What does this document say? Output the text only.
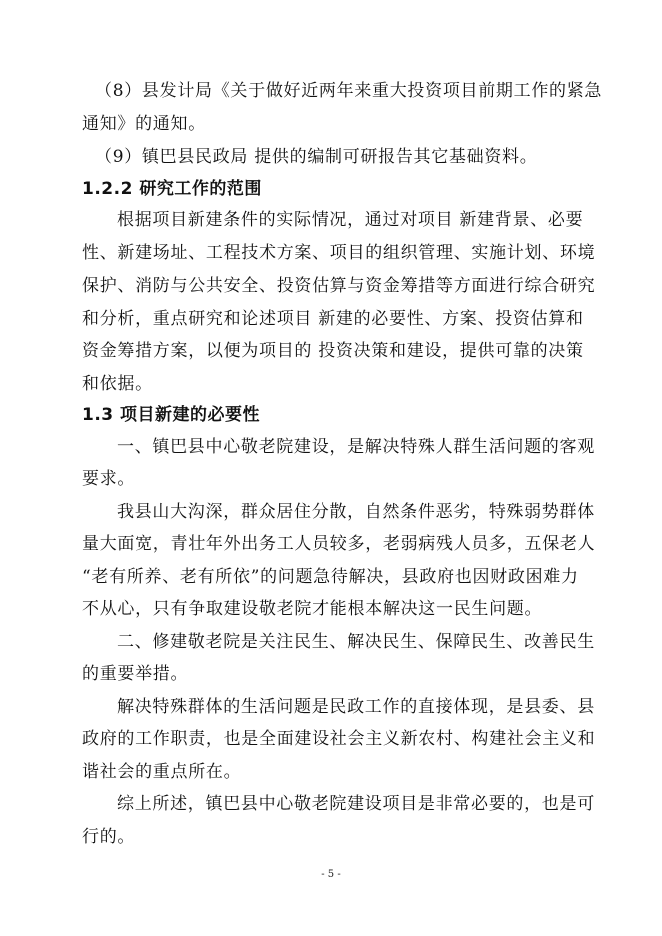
（8）县发计局《关于做好近两年来重大投资项目前期工作的紧急
通知》的通知。
（9）镇巴县民政局 提供的编制可研报告其它基础资料。
1.2.2 研究工作的范围
根据项目新建条件的实际情况，通过对项目 新建背景、必要
性、新建场址、工程技术方案、项目的组织管理、实施计划、环境
保护、消防与公共安全、投资估算与资金筹措等方面进行综合研究
和分析，重点研究和论述项目 新建的必要性、方案、投资估算和
资金筹措方案，以便为项目的 投资决策和建设，提供可靠的决策
和依据。
1.3 项目新建的必要性
一、镇巴县中心敬老院建设，是解决特殊人群生活问题的客观
要求。
我县山大沟深，群众居住分散，自然条件恶劣，特殊弱势群体
量大面宽，青壮年外出务工人员较多，老弱病残人员多，五保老人
“老有所养、老有所依”的问题急待解决，县政府也因财政困难力
不从心，只有争取建设敬老院才能根本解决这一民生问题。
二、修建敬老院是关注民生、解决民生、保障民生、改善民生
的重要举措。
解决特殊群体的生活问题是民政工作的直接体现，是县委、县
政府的工作职责，也是全面建设社会主义新农村、构建社会主义和
谐社会的重点所在。
综上所述，镇巴县中心敬老院建设项目是非常必要的，也是可
行的。
- 5 -
